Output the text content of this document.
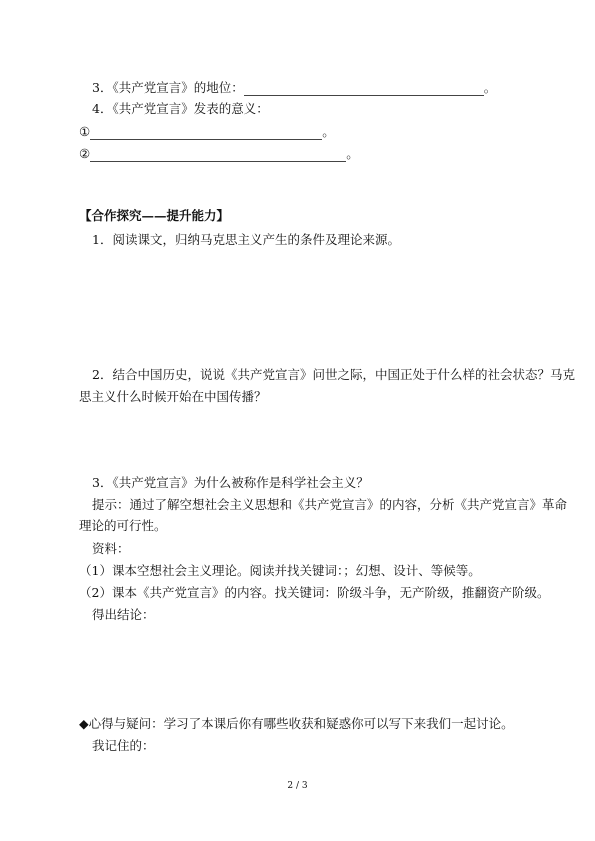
3．《共产党宣言》的地位：	。
4．《共产党宣言》发表的意义：
①	。
②	。
【合作探究——提升能力】
1．阅读课文，归纳马克思主义产生的条件及理论来源。
2．结合中国历史，说说《共产党宣言》问世之际，中国正处于什么样的社会状态？马克
思主义什么时候开始在中国传播？
3．《共产党宣言》为什么被称作是科学社会主义？
提示：通过了解空想社会主义思想和《共产党宣言》的内容，分析《共产党宣言》革命
理论的可行性。
资料：
（1）课本空想社会主义理论。阅读并找关键词：；幻想、设计、等候等。
（2）课本《共产党宣言》的内容。找关键词：阶级斗争，无产阶级，推翻资产阶级。
得出结论：
◆心得与疑问：学习了本课后你有哪些收获和疑惑你可以写下来我们一起讨论。
我记住的：
2 / 3
